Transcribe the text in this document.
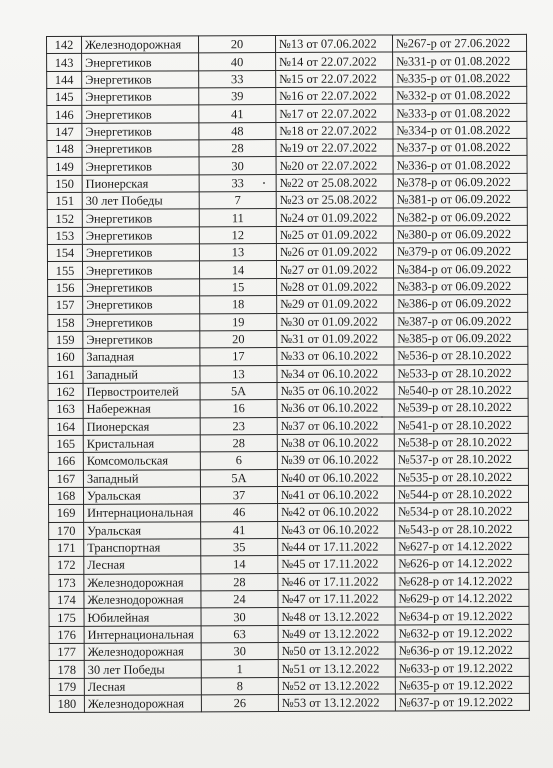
142	Железнодорожная	20	№13 от 07.06.2022	№267-р от 27.06.2022
143	Энергетиков	40	№14 от 22.07.2022	№331-р от 01.08.2022
144	Энергетиков	33	№15 от 22.07.2022	№335-р от 01.08.2022
145	Энергетиков	39	№16 от 22.07.2022	№332-р от 01.08.2022
146	Энергетиков	41	№17 от 22.07.2022	№333-р от 01.08.2022
147	Энергетиков	48	№18 от 22.07.2022	№334-р от 01.08.2022
148	Энергетиков	28	№19 от 22.07.2022	№337-р от 01.08.2022
149	Энергетиков	30	№20 от 22.07.2022	№336-р от 01.08.2022
150	Пионерская	33	№22 от 25.08.2022	№378-р от 06.09.2022
151	30 лет Победы	7	№23 от 25.08.2022	№381-р от 06.09.2022
152	Энергетиков	11	№24 от 01.09.2022	№382-р от 06.09.2022
153	Энергетиков	12	№25 от 01.09.2022	№380-р от 06.09.2022
154	Энергетиков	13	№26 от 01.09.2022	№379-р от 06.09.2022
155	Энергетиков	14	№27 от 01.09.2022	№384-р от 06.09.2022
156	Энергетиков	15	№28 от 01.09.2022	№383-р от 06.09.2022
157	Энергетиков	18	№29 от 01.09.2022	№386-р от 06.09.2022
158	Энергетиков	19	№30 от 01.09.2022	№387-р от 06.09.2022
159	Энергетиков	20	№31 от 01.09.2022	№385-р от 06.09.2022
160	Западная	17	№33 от 06.10.2022	№536-р от 28.10.2022
161	Западный	13	№34 от 06.10.2022	№533-р от 28.10.2022
162	Первостроителей	5А	№35 от 06.10.2022	№540-р от 28.10.2022
163	Набережная	16	№36 от 06.10.2022	№539-р от 28.10.2022
164	Пионерская	23	№37 от 06.10.2022	№541-р от 28.10.2022
165	Кристальная	28	№38 от 06.10.2022	№538-р от 28.10.2022
166	Комсомольская	6	№39 от 06.10.2022	№537-р от 28.10.2022
167	Западный	5А	№40 от 06.10.2022	№535-р от 28.10.2022
168	Уральская	37	№41 от 06.10.2022	№544-р от 28.10.2022
169	Интернациональная	46	№42 от 06.10.2022	№534-р от 28.10.2022
170	Уральская	41	№43 от 06.10.2022	№543-р от 28.10.2022
171	Транспортная	35	№44 от 17.11.2022	№627-р от 14.12.2022
172	Лесная	14	№45 от 17.11.2022	№626-р от 14.12.2022
173	Железнодорожная	28	№46 от 17.11.2022	№628-р от 14.12.2022
174	Железнодорожная	24	№47 от 17.11.2022	№629-р от 14.12.2022
175	Юбилейная	30	№48 от 13.12.2022	№634-р от 19.12.2022
176	Интернациональная	63	№49 от 13.12.2022	№632-р от 19.12.2022
177	Железнодорожная	30	№50 от 13.12.2022	№636-р от 19.12.2022
178	30 лет Победы	1	№51 от 13.12.2022	№633-р от 19.12.2022
179	Лесная	8	№52 от 13.12.2022	№635-р от 19.12.2022
180	Железнодорожная	26	№53 от 13.12.2022	№637-р от 19.12.2022
